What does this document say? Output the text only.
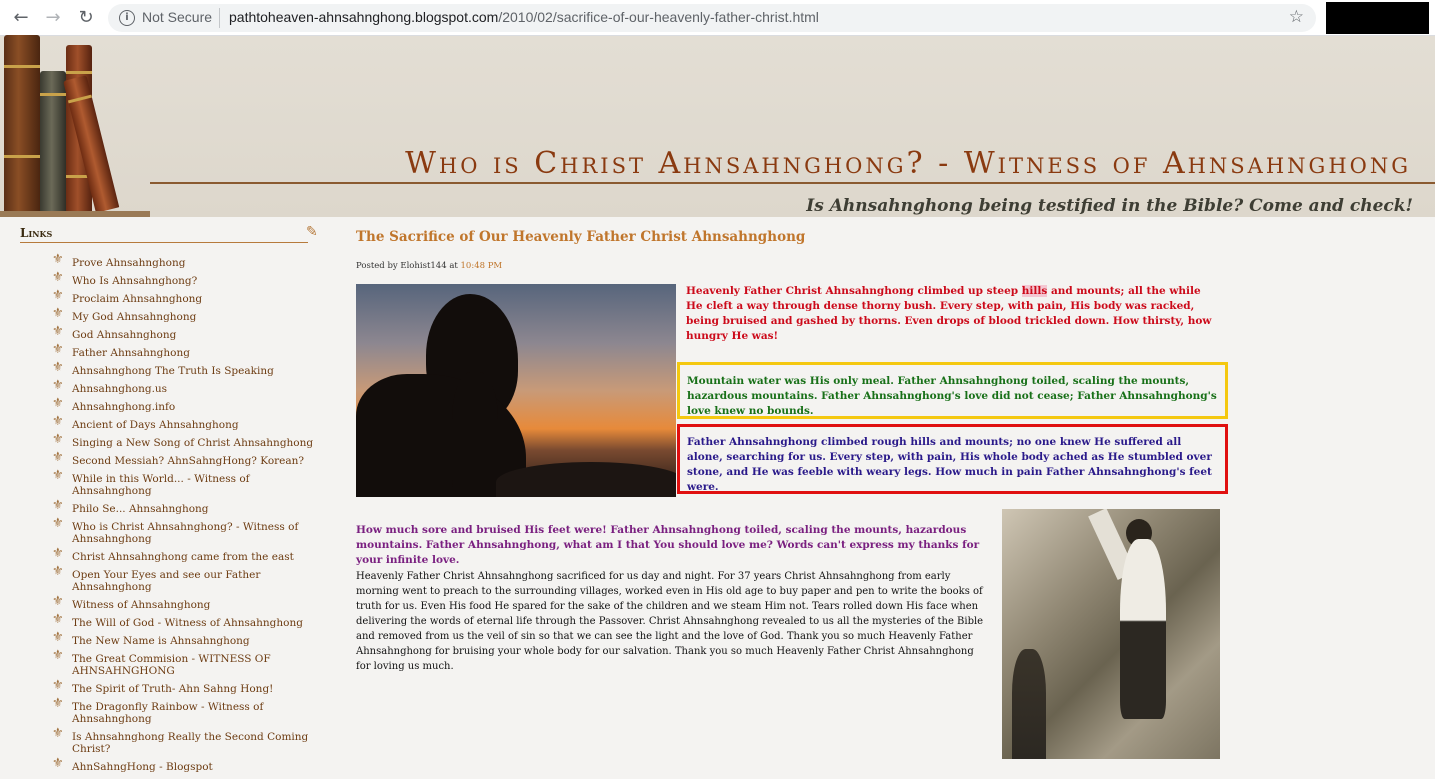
← → ↻	i Not Secure pathtoheaven-ahnsahnghong.blogspot.com/2010/02/sacrifice-of-our-heavenly-father-christ.html	☆
Who is Christ Ahnsahnghong? - Witness of Ahnsahnghong
Is Ahnsahnghong being testified in the Bible? Come and check!
Links	✎
⚜ Prove Ahnsahnghong
⚜ Who Is Ahnsahnghong?
⚜ Proclaim Ahnsahnghong
⚜ My God Ahnsahnghong
⚜ God Ahnsahnghong
⚜ Father Ahnsahnghong
⚜ Ahnsahnghong The Truth Is Speaking
⚜ Ahnsahnghong.us
⚜ Ahnsahnghong.info
⚜ Ancient of Days Ahnsahnghong
⚜ Singing a New Song of Christ Ahnsahnghong
⚜ Second Messiah? AhnSahngHong? Korean?
⚜ While in this World... - Witness of Ahnsahnghong
⚜ Philo Se... Ahnsahnghong
⚜ Who is Christ Ahnsahnghong? - Witness of Ahnsahnghong
⚜ Christ Ahnsahnghong came from the east
⚜ Open Your Eyes and see our Father Ahnsahnghong
⚜ Witness of Ahnsahnghong
⚜ The Will of God - Witness of Ahnsahnghong
⚜ The New Name is Ahnsahnghong
⚜ The Great Commision - WITNESS OF AHNSAHNGHONG
⚜ The Spirit of Truth- Ahn Sahng Hong!
⚜ The Dragonfly Rainbow - Witness of Ahnsahnghong
⚜ Is Ahnsahnghong Really the Second Coming Christ?
⚜ AhnSahngHong - Blogspot
The Sacrifice of Our Heavenly Father Christ Ahnsahnghong
Posted by Elohist144 at 10:48 PM
Heavenly Father Christ Ahnsahnghong climbed up steep hills and mounts; all the while He cleft a way through dense thorny bush. Every step, with pain, His body was racked, being bruised and gashed by thorns. Even drops of blood trickled down. How thirsty, how hungry He was!
Mountain water was His only meal. Father Ahnsahnghong toiled, scaling the mounts, hazardous mountains. Father Ahnsahnghong's love did not cease; Father Ahnsahnghong's love knew no bounds.
Father Ahnsahnghong climbed rough hills and mounts; no one knew He suffered all alone, searching for us. Every step, with pain, His whole body ached as He stumbled over stone, and He was feeble with weary legs. How much in pain Father Ahnsahnghong's feet were.
How much sore and bruised His feet were! Father Ahnsahnghong toiled, scaling the mounts, hazardous mountains. Father Ahnsahnghong, what am I that You should love me? Words can't express my thanks for your infinite love.
Heavenly Father Christ Ahnsahnghong sacrificed for us day and night. For 37 years Christ Ahnsahnghong from early morning went to preach to the surrounding villages, worked even in His old age to buy paper and pen to write the books of truth for us. Even His food He spared for the sake of the children and we steam Him not. Tears rolled down His face when delivering the words of eternal life through the Passover. Christ Ahnsahnghong revealed to us all the mysteries of the Bible and removed from us the veil of sin so that we can see the light and the love of God. Thank you so much Heavenly Father Ahnsahnghong for bruising your whole body for our salvation. Thank you so much Heavenly Father Christ Ahnsahnghong for loving us much.
